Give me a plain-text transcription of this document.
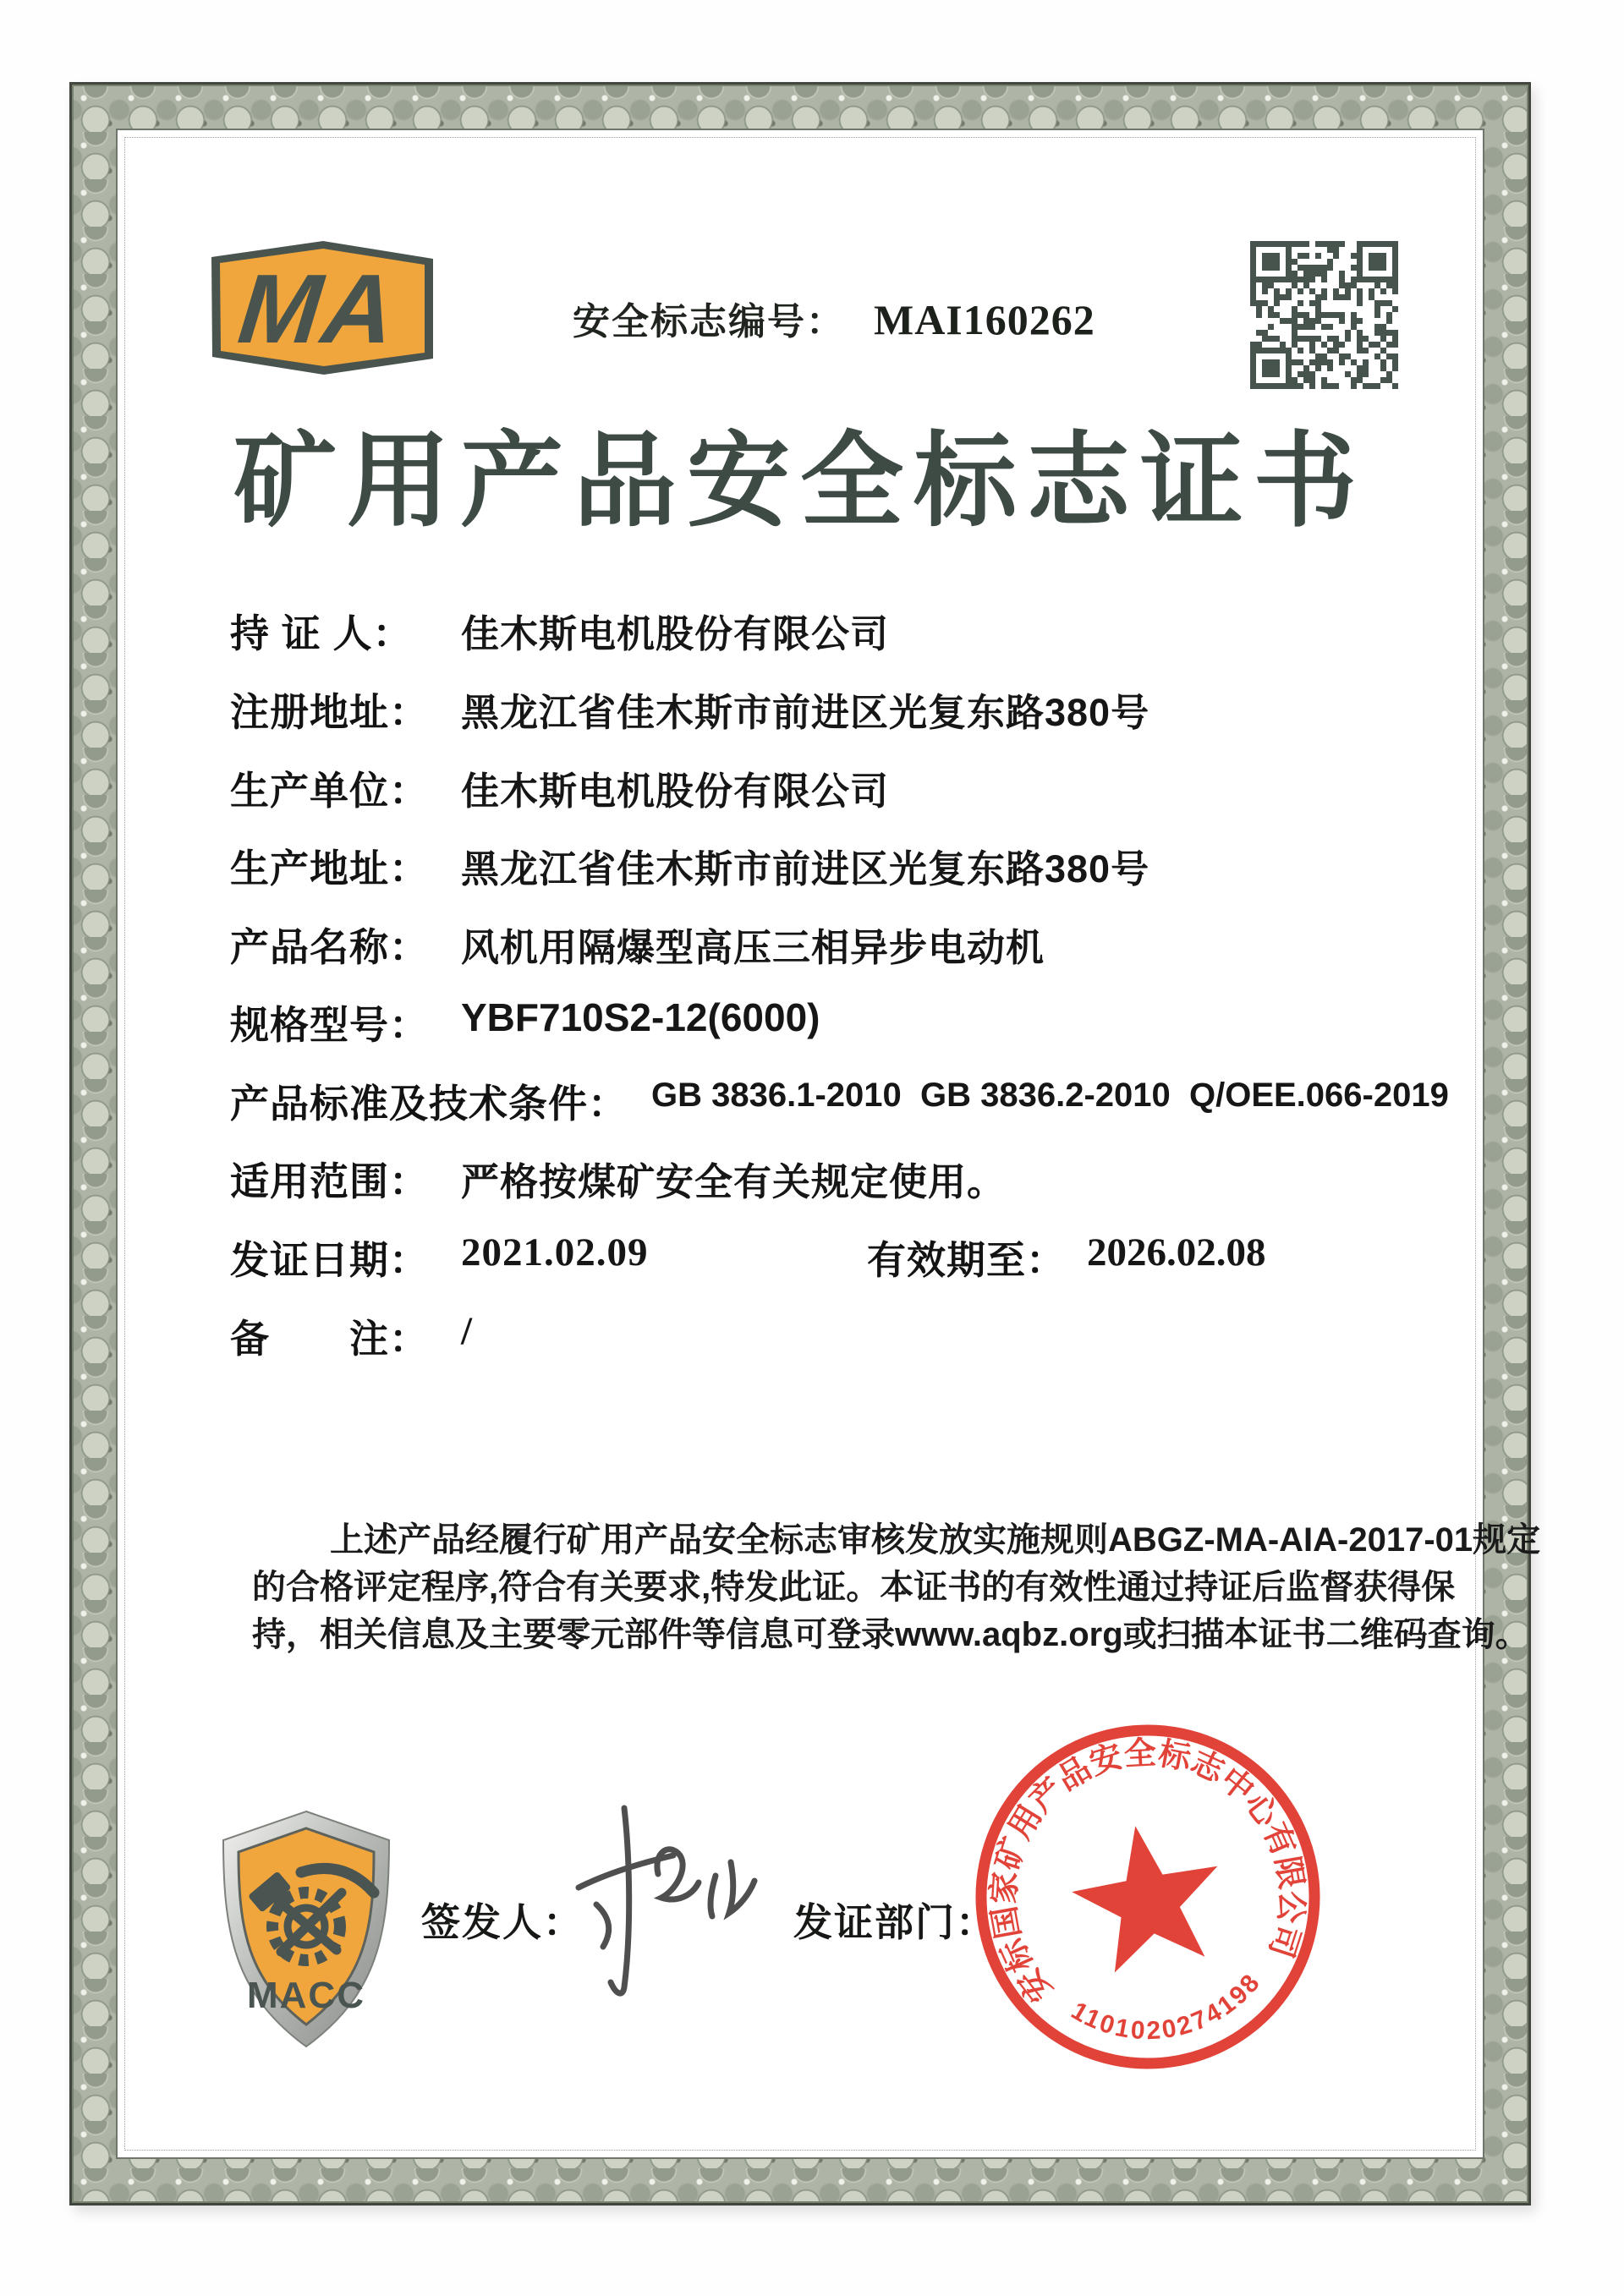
MA	安全标志编号： MAI160262
矿用产品安全标志证书
持 证 人： 佳木斯电机股份有限公司
注册地址： 黑龙江省佳木斯市前进区光复东路380号
生产单位： 佳木斯电机股份有限公司
生产地址： 黑龙江省佳木斯市前进区光复东路380号
产品名称： 风机用隔爆型高压三相异步电动机
规格型号： YBF710S2-12(6000)
产品标准及技术条件： GB 3836.1-2010  GB 3836.2-2010  Q/OEE.066-2019
适用范围： 严格按煤矿安全有关规定使用。
发证日期： 2021.02.09	有效期至： 2026.02.08
备　　注： /
上述产品经履行矿用产品安全标志审核发放实施规则ABGZ-MA-AIA-2017-01规定
的合格评定程序,符合有关要求,特发此证。本证书的有效性通过持证后监督获得保
持，相关信息及主要零元部件等信息可登录www.aqbz.org或扫描本证书二维码查询。
MACC
签发人：	发证部门：
安标国家矿用产品安全标志中心有限公司
1101020274198
